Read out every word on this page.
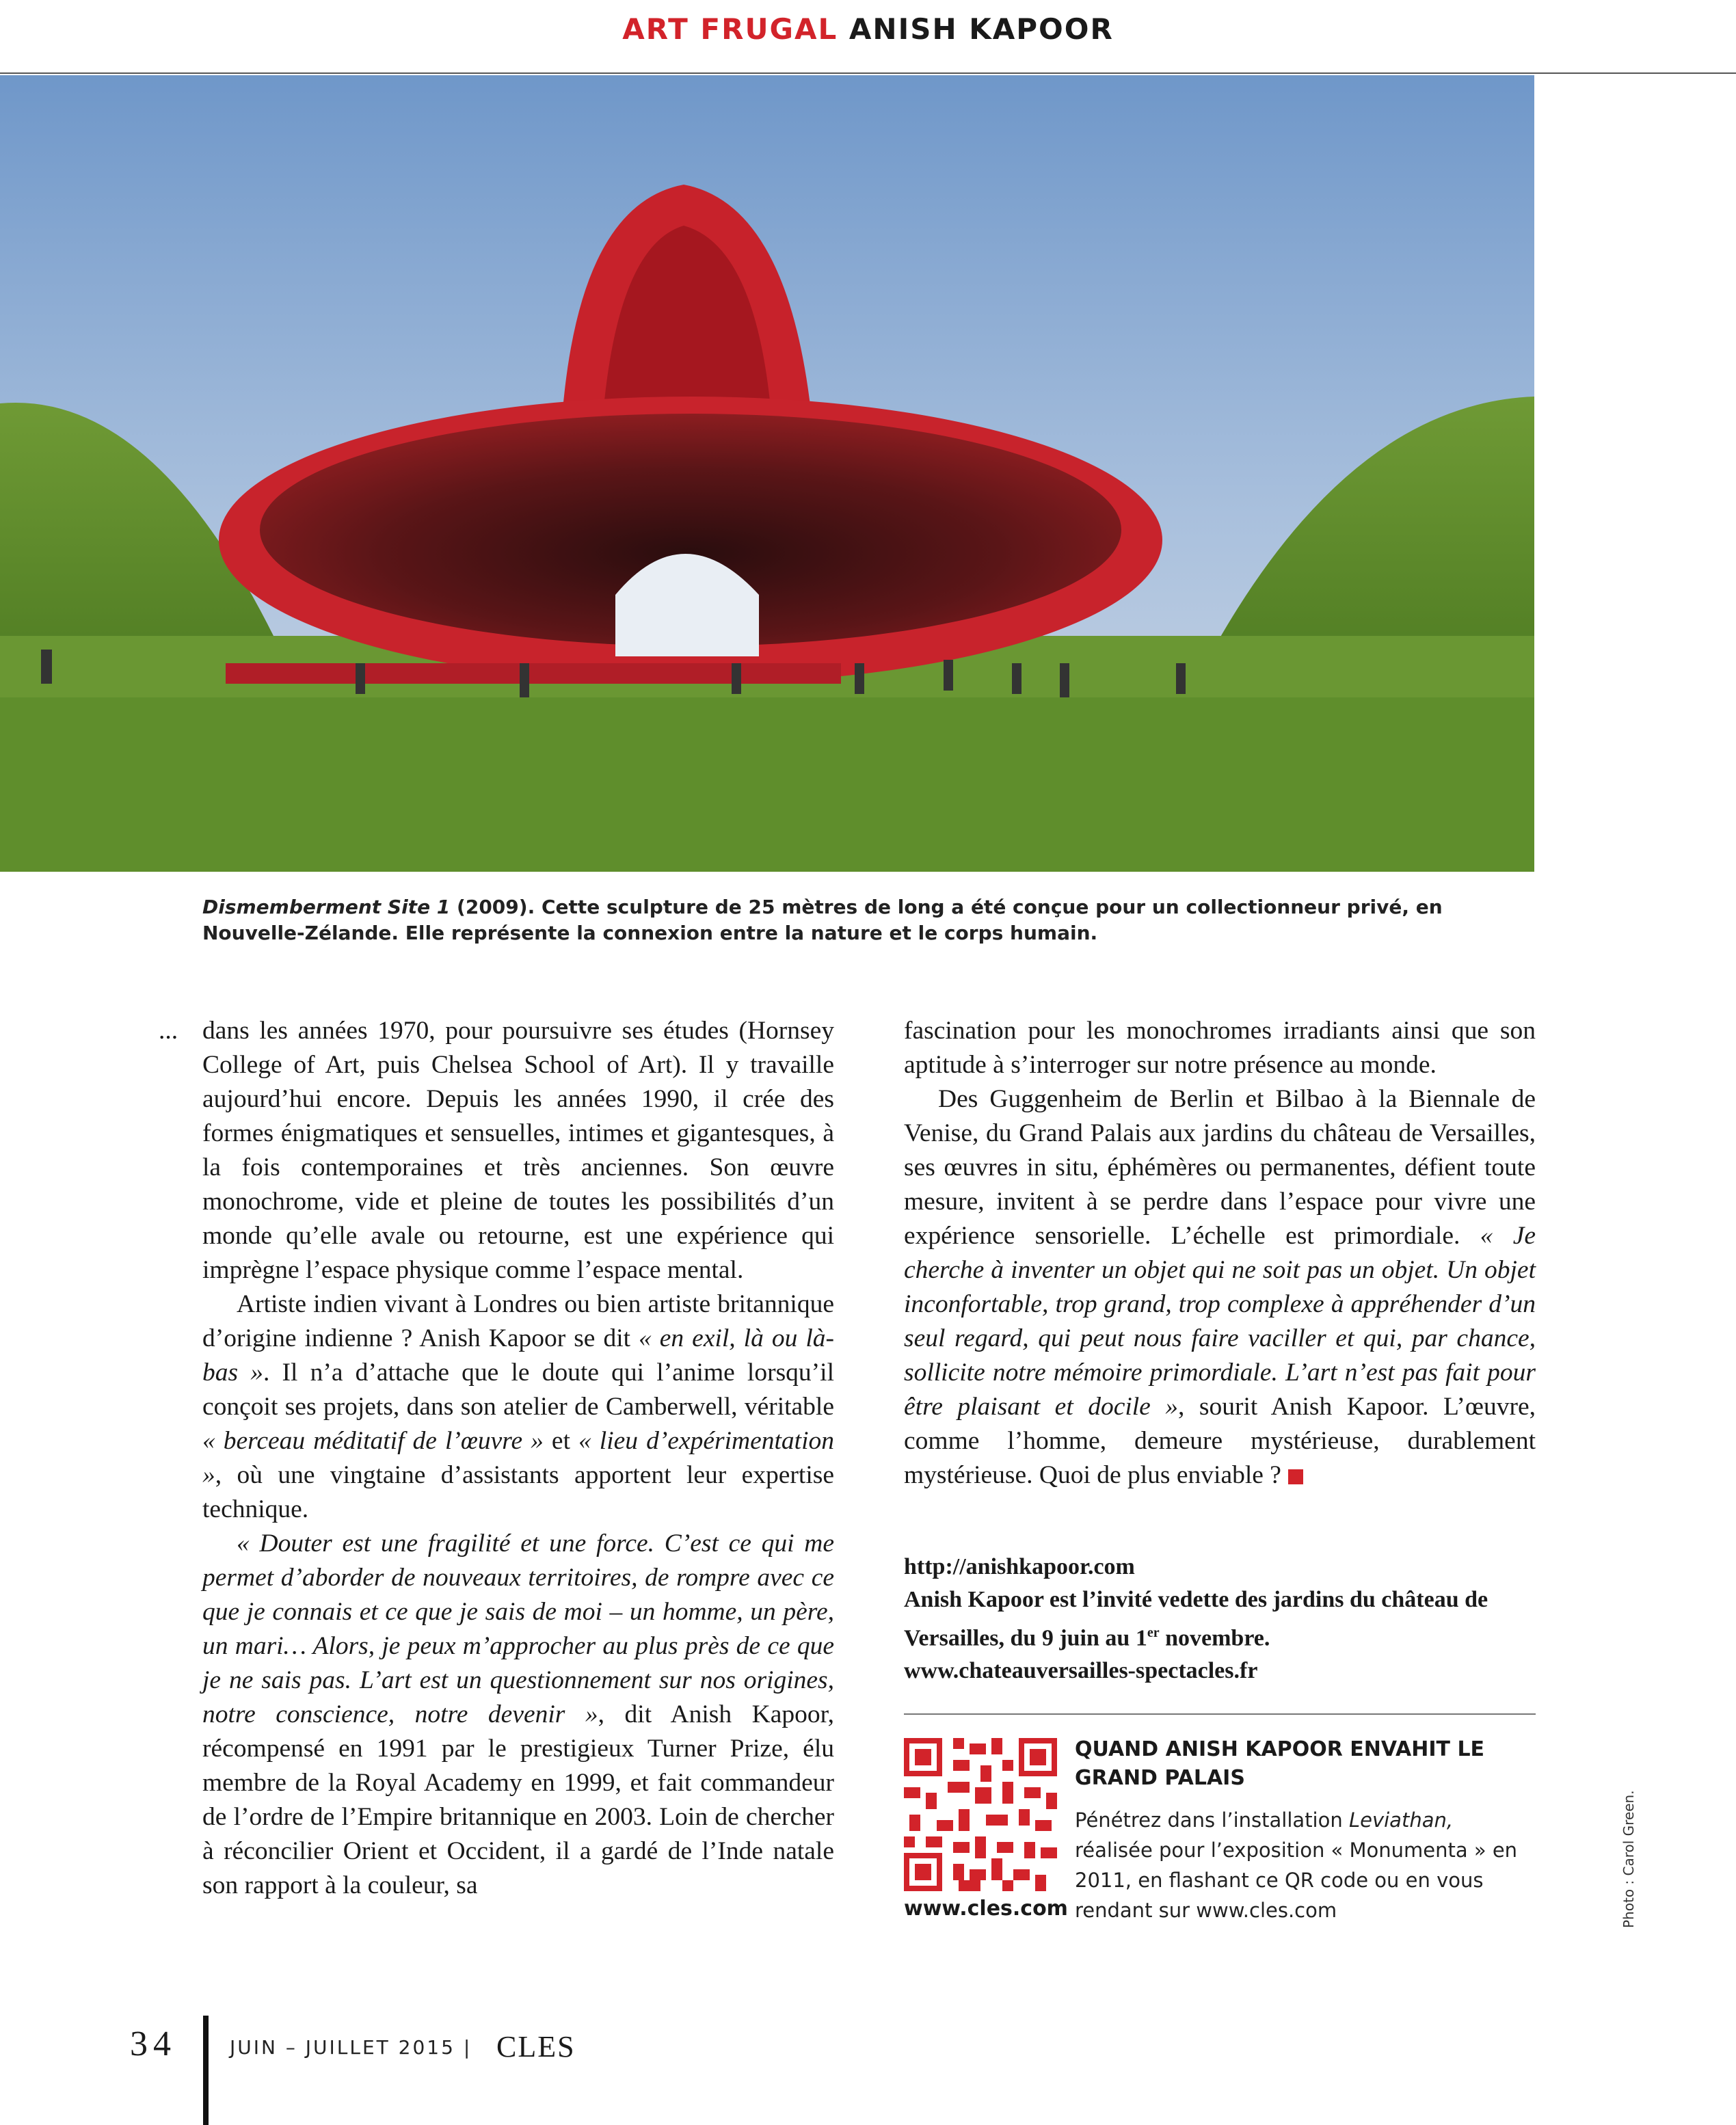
ART FRUGAL ANISH KAPOOR
Dismemberment Site 1 (2009). Cette sculpture de 25 mètres de long a été conçue pour un collectionneur privé, en Nouvelle-Zélande. Elle représente la connexion entre la nature et le corps humain.
... dans les années 1970, pour poursuivre ses études (Hornsey College of Art, puis Chelsea School of Art). Il y travaille aujourd’hui encore. Depuis les années 1990, il crée des formes énigmatiques et sensuelles, intimes et gigantesques, à la fois contemporaines et très anciennes. Son œuvre monochrome, vide et pleine de toutes les possibilités d’un monde qu’elle avale ou retourne, est une expérience qui imprègne l’espace physique comme l’espace mental.

Artiste indien vivant à Londres ou bien artiste britannique d’origine indienne ? Anish Kapoor se dit « en exil, là ou là-bas ». Il n’a d’attache que le doute qui l’anime lorsqu’il conçoit ses projets, dans son atelier de Camberwell, véritable « berceau méditatif de l’œuvre » et « lieu d’expérimentation », où une vingtaine d’assistants apportent leur expertise technique.

« Douter est une fragilité et une force. C’est ce qui me permet d’aborder de nouveaux territoires, de rompre avec ce que je connais et ce que je sais de moi – un homme, un père, un mari… Alors, je peux m’approcher au plus près de ce que je ne sais pas. L’art est un questionnement sur nos origines, notre conscience, notre devenir », dit Anish Kapoor, récompensé en 1991 par le prestigieux Turner Prize, élu membre de la Royal Academy en 1999, et fait commandeur de l’ordre de l’Empire britannique en 2003. Loin de chercher à réconcilier Orient et Occident, il a gardé de l’Inde natale son rapport à la couleur, sa

fascination pour les monochromes irradiants ainsi que son aptitude à s’interroger sur notre présence au monde.

Des Guggenheim de Berlin et Bilbao à la Biennale de Venise, du Grand Palais aux jardins du château de Versailles, ses œuvres in situ, éphémères ou permanentes, défient toute mesure, invitent à se perdre dans l’espace pour vivre une expérience sensorielle. L’échelle est primordiale. « Je cherche à inventer un objet qui ne soit pas un objet. Un objet inconfortable, trop grand, trop complexe à appréhender d’un seul regard, qui peut nous faire vaciller et qui, par chance, sollicite notre mémoire primordiale. L’art n’est pas fait pour être plaisant et docile », sourit Anish Kapoor. L’œuvre, comme l’homme, demeure mystérieuse, durablement mystérieuse. Quoi de plus enviable ?

http://anishkapoor.com
Anish Kapoor est l’invité vedette des jardins du château de Versailles, du 9 juin au 1er novembre.
www.chateauversailles-spectacles.fr
www.cles.com
QUAND ANISH KAPOOR ENVAHIT LE GRAND PALAIS
Pénétrez dans l’installation Leviathan, réalisée pour l’exposition « Monumenta » en 2011, en flashant ce QR code ou en vous rendant sur www.cles.com	Photo : Carol Green.
34	JUIN – JUILLET 2015 | CLES
